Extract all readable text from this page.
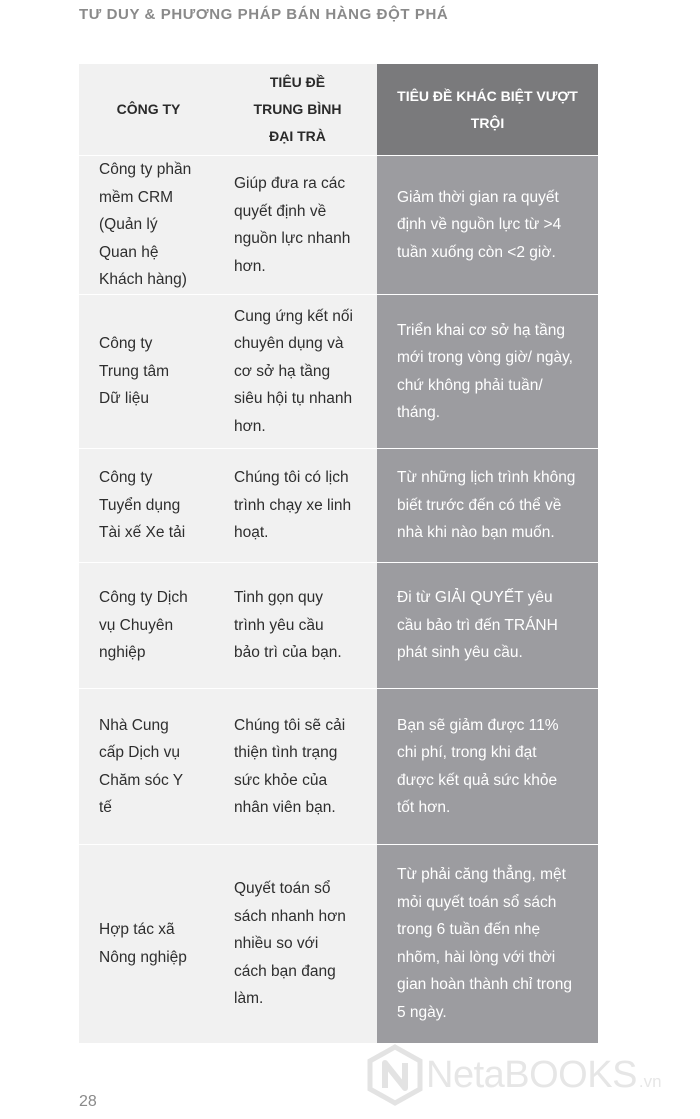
TƯ DUY & PHƯƠNG PHÁP BÁN HÀNG ĐỘT PHÁ
CÔNG TY	TIÊU ĐỀ TRUNG BÌNH ĐẠI TRÀ	TIÊU ĐỀ KHÁC BIỆT VƯỢT TRỘI

Công ty phần mềm CRM (Quản lý Quan hệ Khách hàng)	Giúp đưa ra các quyết định về nguồn lực nhanh hơn.	Giảm thời gian ra quyết định về nguồn lực từ >4 tuần xuống còn <2 giờ.

Công ty Trung tâm Dữ liệu	Cung ứng kết nối chuyên dụng và cơ sở hạ tầng siêu hội tụ nhanh hơn.	Triển khai cơ sở hạ tầng mới trong vòng giờ/ ngày, chứ không phải tuần/ tháng.

Công ty Tuyển dụng Tài xế Xe tải	Chúng tôi có lịch trình chạy xe linh hoạt.	Từ những lịch trình không biết trước đến có thể về nhà khi nào bạn muốn.

Công ty Dịch vụ Chuyên nghiệp	Tinh gọn quy trình yêu cầu bảo trì của bạn.	Đi từ GIẢI QUYẾT yêu cầu bảo trì đến TRÁNH phát sinh yêu cầu.

Nhà Cung cấp Dịch vụ Chăm sóc Y tế	Chúng tôi sẽ cải thiện tình trạng sức khỏe của nhân viên bạn.	Bạn sẽ giảm được 11% chi phí, trong khi đạt được kết quả sức khỏe tốt hơn.

Hợp tác xã Nông nghiệp	Quyết toán sổ sách nhanh hơn nhiều so với cách bạn đang làm.	Từ phải căng thẳng, mệt mỏi quyết toán sổ sách trong 6 tuần đến nhẹ nhõm, hài lòng với thời gian hoàn thành chỉ trong 5 ngày.
28
NetaBOOKS .vn
